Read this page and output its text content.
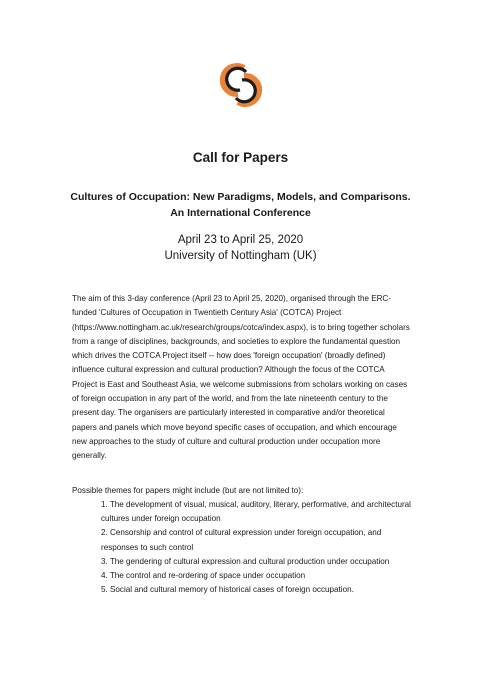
Call for Papers
Cultures of Occupation: New Paradigms, Models, and Comparisons.
An International Conference
April 23 to April 25, 2020
University of Nottingham (UK)

The aim of this 3-day conference (April 23 to April 25, 2020), organised through the ERC-funded 'Cultures of Occupation in Twentieth Century Asia' (COTCA) Project (https://www.nottingham.ac.uk/research/groups/cotca/index.aspx), is to bring together scholars from a range of disciplines, backgrounds, and societies to explore the fundamental question which drives the COTCA Project itself -- how does 'foreign occupation' (broadly defined) influence cultural expression and cultural production? Although the focus of the COTCA Project is East and Southeast Asia, we welcome submissions from scholars working on cases of foreign occupation in any part of the world, and from the late nineteenth century to the present day. The organisers are particularly interested in comparative and/or theoretical papers and panels which move beyond specific cases of occupation, and which encourage new approaches to the study of culture and cultural production under occupation more generally.

Possible themes for papers might include (but are not limited to):

1. The development of visual, musical, auditory, literary, performative, and architectural cultures under foreign occupation
2. Censorship and control of cultural expression under foreign occupation, and responses to such control
3. The gendering of cultural expression and cultural production under occupation
4. The control and re-ordering of space under occupation
5. Social and cultural memory of historical cases of foreign occupation.
